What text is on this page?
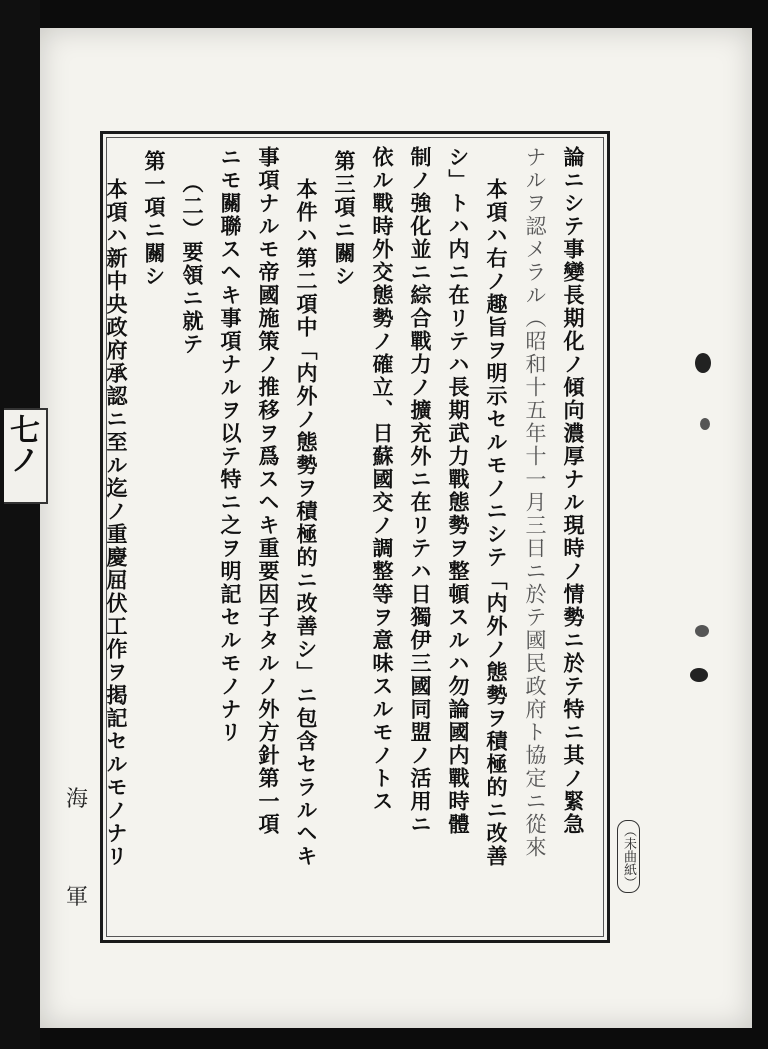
七ノ	論ニシテ事變長期化ノ傾向濃厚ナル現時ノ情勢ニ於テ特ニ其ノ緊急
ナルヲ認メラル（昭和十五年十一月三日ニ於テ國民政府ト協定ニ從來
本項ハ右ノ趣旨ヲ明示セルモノニシテ「内外ノ態勢ヲ積極的ニ改善
シ」トハ内ニ在リテハ長期武力戰態勢ヲ整頓スルハ勿論國内戰時體
制ノ強化並ニ綜合戰力ノ擴充外ニ在リテハ日獨伊三國同盟ノ活用ニ
依ル戰時外交態勢ノ確立、日蘇國交ノ調整等ヲ意味スルモノトス
第三項ニ關シ
本件ハ第二項中「内外ノ態勢ヲ積極的ニ改善シ」ニ包含セラルヘキ
事項ナルモ帝國施策ノ推移ヲ爲スヘキ重要因子タルノ外方針第一項
ニモ關聯スヘキ事項ナルヲ以テ特ニ之ヲ明記セルモノナリ
（二）要領ニ就テ
第一項ニ關シ
本項ハ新中央政府承認ニ至ル迄ノ重慶屈伏工作ヲ掲記セルモノナリ	（未曲紙）
海
軍
